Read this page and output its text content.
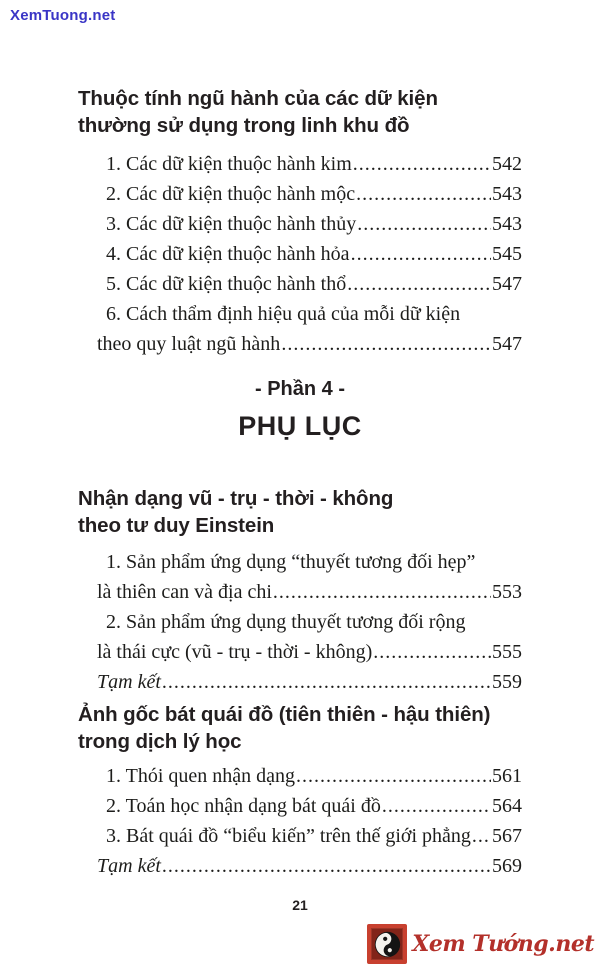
XemTuong.net
Thuộc tính ngũ hành của các dữ kiện
thường sử dụng trong linh khu đồ
1. Các dữ kiện thuộc hành kim .....	542
2. Các dữ kiện thuộc hành mộc .....	543
3. Các dữ kiện thuộc hành thủy .....	543
4. Các dữ kiện thuộc hành hỏa .....	545
5. Các dữ kiện thuộc hành thổ .....	547
6. Cách thẩm định hiệu quả của mỗi dữ kiện
theo quy luật ngũ hành .....	547
- Phần 4 -
PHỤ LỤC
Nhận dạng vũ - trụ - thời - không
theo tư duy Einstein
1. Sản phẩm ứng dụng “thuyết tương đối hẹp”
là thiên can và địa chi .....	553
2. Sản phẩm ứng dụng thuyết tương đối rộng
là thái cực (vũ - trụ - thời - không) .....	555
Tạm kết .....	559
Ảnh gốc bát quái đồ (tiên thiên - hậu thiên)
trong dịch lý học
1. Thói quen nhận dạng .....	561
2. Toán học nhận dạng bát quái đồ .....	564
3. Bát quái đồ “biểu kiến” trên thế giới phẳng ..... 567
Tạm kết .....	569
21
Xem Tướng.net
